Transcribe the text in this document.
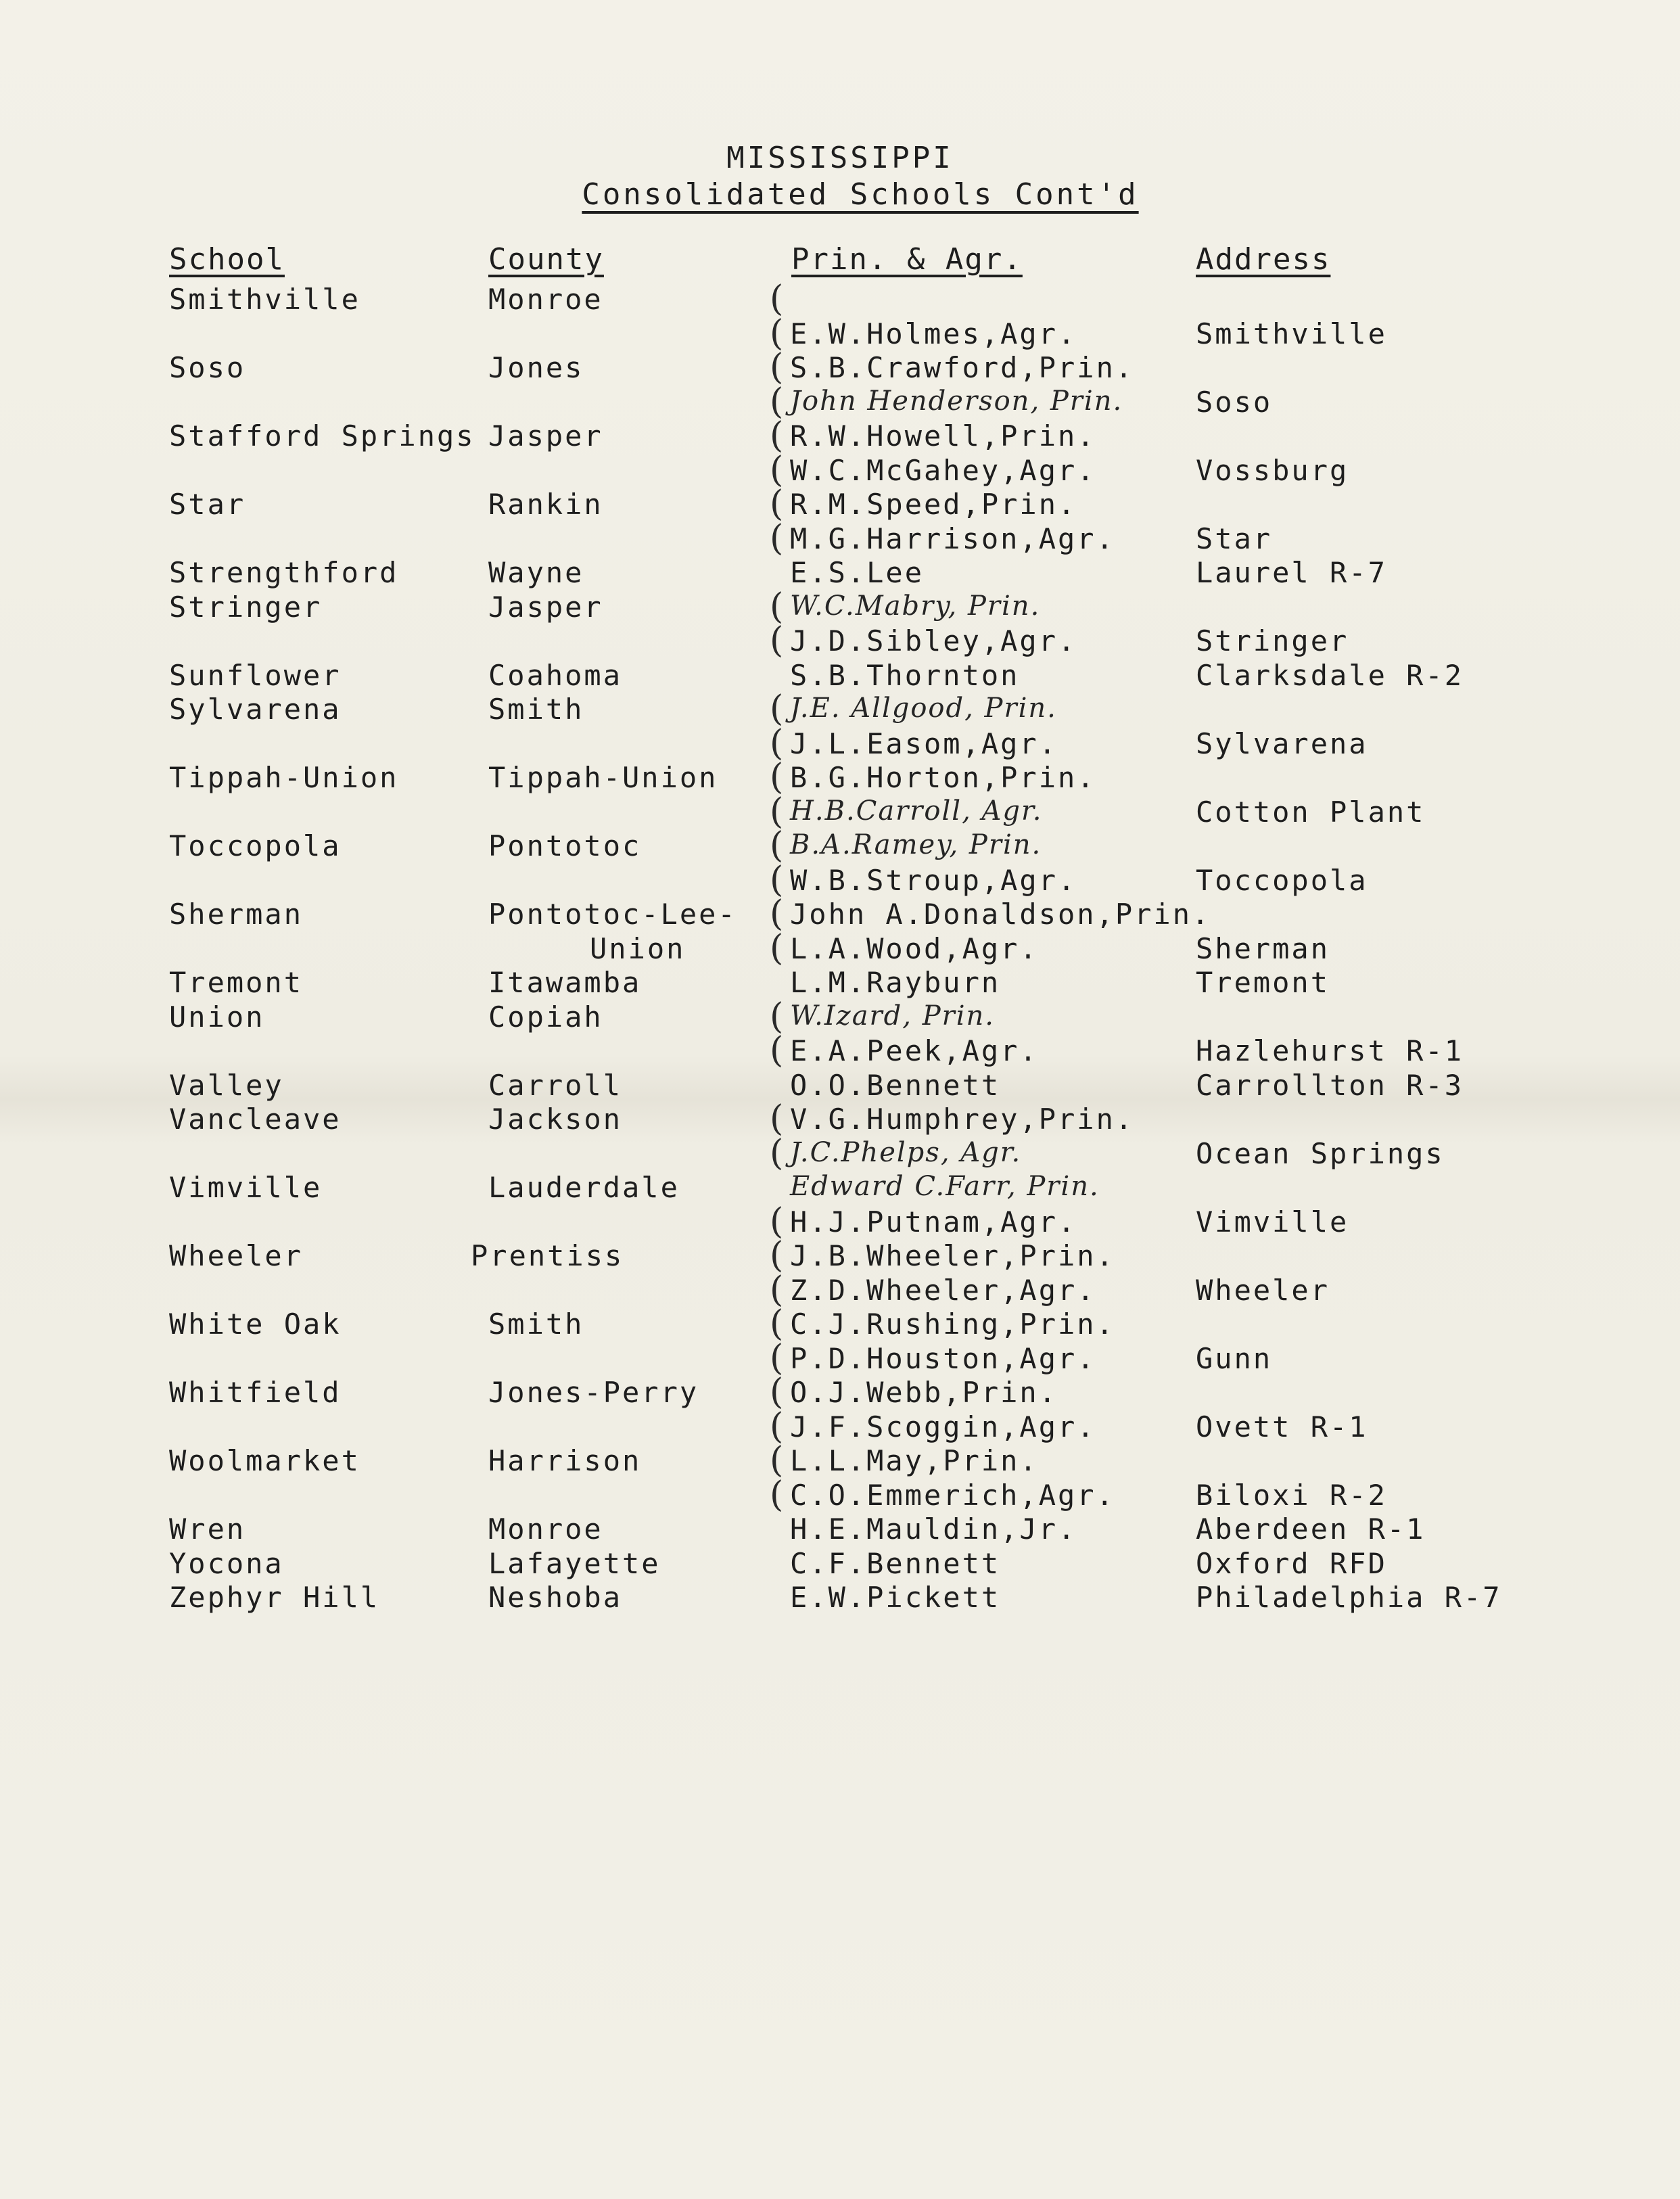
MISSISSIPPI
Consolidated Schools Cont'd
School	County	Prin. & Agr.	Address
Smithville	Monroe	(
( E.W.Holmes,Agr.	Smithville
Soso	Jones	( S.B.Crawford,Prin.
( John Henderson, Prin.	Soso
Stafford Springs Jasper	( R.W.Howell,Prin.
( W.C.McGahey,Agr.	Vossburg
Star	Rankin	( R.M.Speed,Prin.
( M.G.Harrison,Agr.	Star
Strengthford	Wayne	E.S.Lee	Laurel R-7
Stringer	Jasper	( W.C.Mabry, Prin.
( J.D.Sibley,Agr.	Stringer
Sunflower	Coahoma	S.B.Thornton	Clarksdale R-2
Sylvarena	Smith	( J.E. Allgood, Prin.
( J.L.Easom,Agr.	Sylvarena
Tippah-Union	Tippah-Union ( B.G.Horton,Prin.
( H.B.Carroll, Agr.	Cotton Plant
Toccopola	Pontotoc	( B.A.Ramey, Prin.
( W.B.Stroup,Agr.	Toccopola
Sherman	Pontotoc-Lee- ( John A.Donaldson,Prin.
Union ( L.A.Wood,Agr.	Sherman
Tremont	Itawamba	L.M.Rayburn	Tremont
Union	Copiah	( W.Izard, Prin.
( E.A.Peek,Agr.	Hazlehurst R-1
Valley	Carroll	O.O.Bennett	Carrollton R-3
Vancleave	Jackson	( V.G.Humphrey,Prin.
( J.C.Phelps, Agr.	Ocean Springs
Vimville	Lauderdale	Edward C.Farr, Prin.
( H.J.Putnam,Agr.	Vimville
Wheeler	Prentiss	( J.B.Wheeler,Prin.
( Z.D.Wheeler,Agr.	Wheeler
White Oak	Smith	( C.J.Rushing,Prin.
( P.D.Houston,Agr.	Gunn
Whitfield	Jones-Perry ( O.J.Webb,Prin.
( J.F.Scoggin,Agr.	Ovett R-1
Woolmarket	Harrison	( L.L.May,Prin.
( C.O.Emmerich,Agr.	Biloxi R-2
Wren	Monroe	H.E.Mauldin,Jr.	Aberdeen R-1
Yocona	Lafayette	C.F.Bennett	Oxford RFD
Zephyr Hill	Neshoba	E.W.Pickett	Philadelphia R-7
